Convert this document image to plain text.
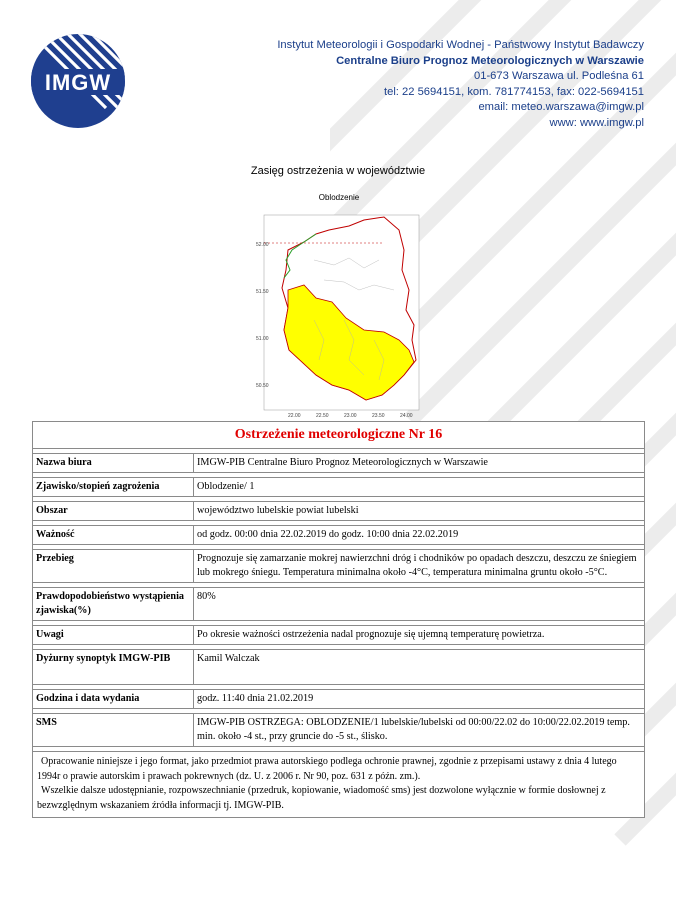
IMGW
Instytut Meteorologii i Gospodarki Wodnej - Państwowy Instytut Badawczy
Centralne Biuro Prognoz Meteorologicznych w Warszawie
01-673 Warszawa ul. Podleśna 61
tel: 22 5694151, kom. 781774153, fax: 022-5694151
email: meteo.warszawa@imgw.pl
www: www.imgw.pl
Zasięg ostrzeżenia w województwie
52.00
51.50
51.00
50.50
22.00	22.50	23.00	23.50	24.00
Oblodzenie
Ostrzeżenie meteorologiczne Nr 16	

Nazwa biura	IMGW-PIB Centralne Biuro Prognoz Meteorologicznych w Warszawie

Zjawisko/stopień zagrożenia	Oblodzenie/ 1

Obszar	województwo lubelskie powiat lubelski

Ważność	od godz. 00:00 dnia 22.02.2019 do godz. 10:00 dnia 22.02.2019

Przebieg	Prognozuje się zamarzanie mokrej nawierzchni dróg i chodników po opadach deszczu, deszczu ze śniegiem lub mokrego śniegu. Temperatura minimalna około -4°C, temperatura minimalna gruntu około -5°C.

Prawdopodobieństwo wystąpienia zjawiska(%)	80%

Uwagi	Po okresie ważności ostrzeżenia nadal prognozuje się ujemną temperaturę powietrza.

Dyżurny synoptyk IMGW-PIB	Kamil Walczak

Godzina i data wydania	godz. 11:40 dnia 21.02.2019

SMS	IMGW-PIB OSTRZEGA: OBLODZENIE/1 lubelskie/lubelski od 00:00/22.02 do 10:00/22.02.2019 temp. min. około -4 st., przy gruncie do -5 st., ślisko.

Opracowanie niniejsze i jego format, jako przedmiot prawa autorskiego podlega ochronie prawnej, zgodnie z przepisami ustawy z dnia 4 lutego 1994r o prawie autorskim i prawach pokrewnych (dz. U. z 2006 r. Nr 90, poz. 631 z późn. zm.).

Wszelkie dalsze udostępnianie, rozpowszechnianie (przedruk, kopiowanie, wiadomość sms) jest dozwolone wyłącznie w formie dosłownej z bezwzględnym wskazaniem źródła informacji tj. IMGW-PIB.	
